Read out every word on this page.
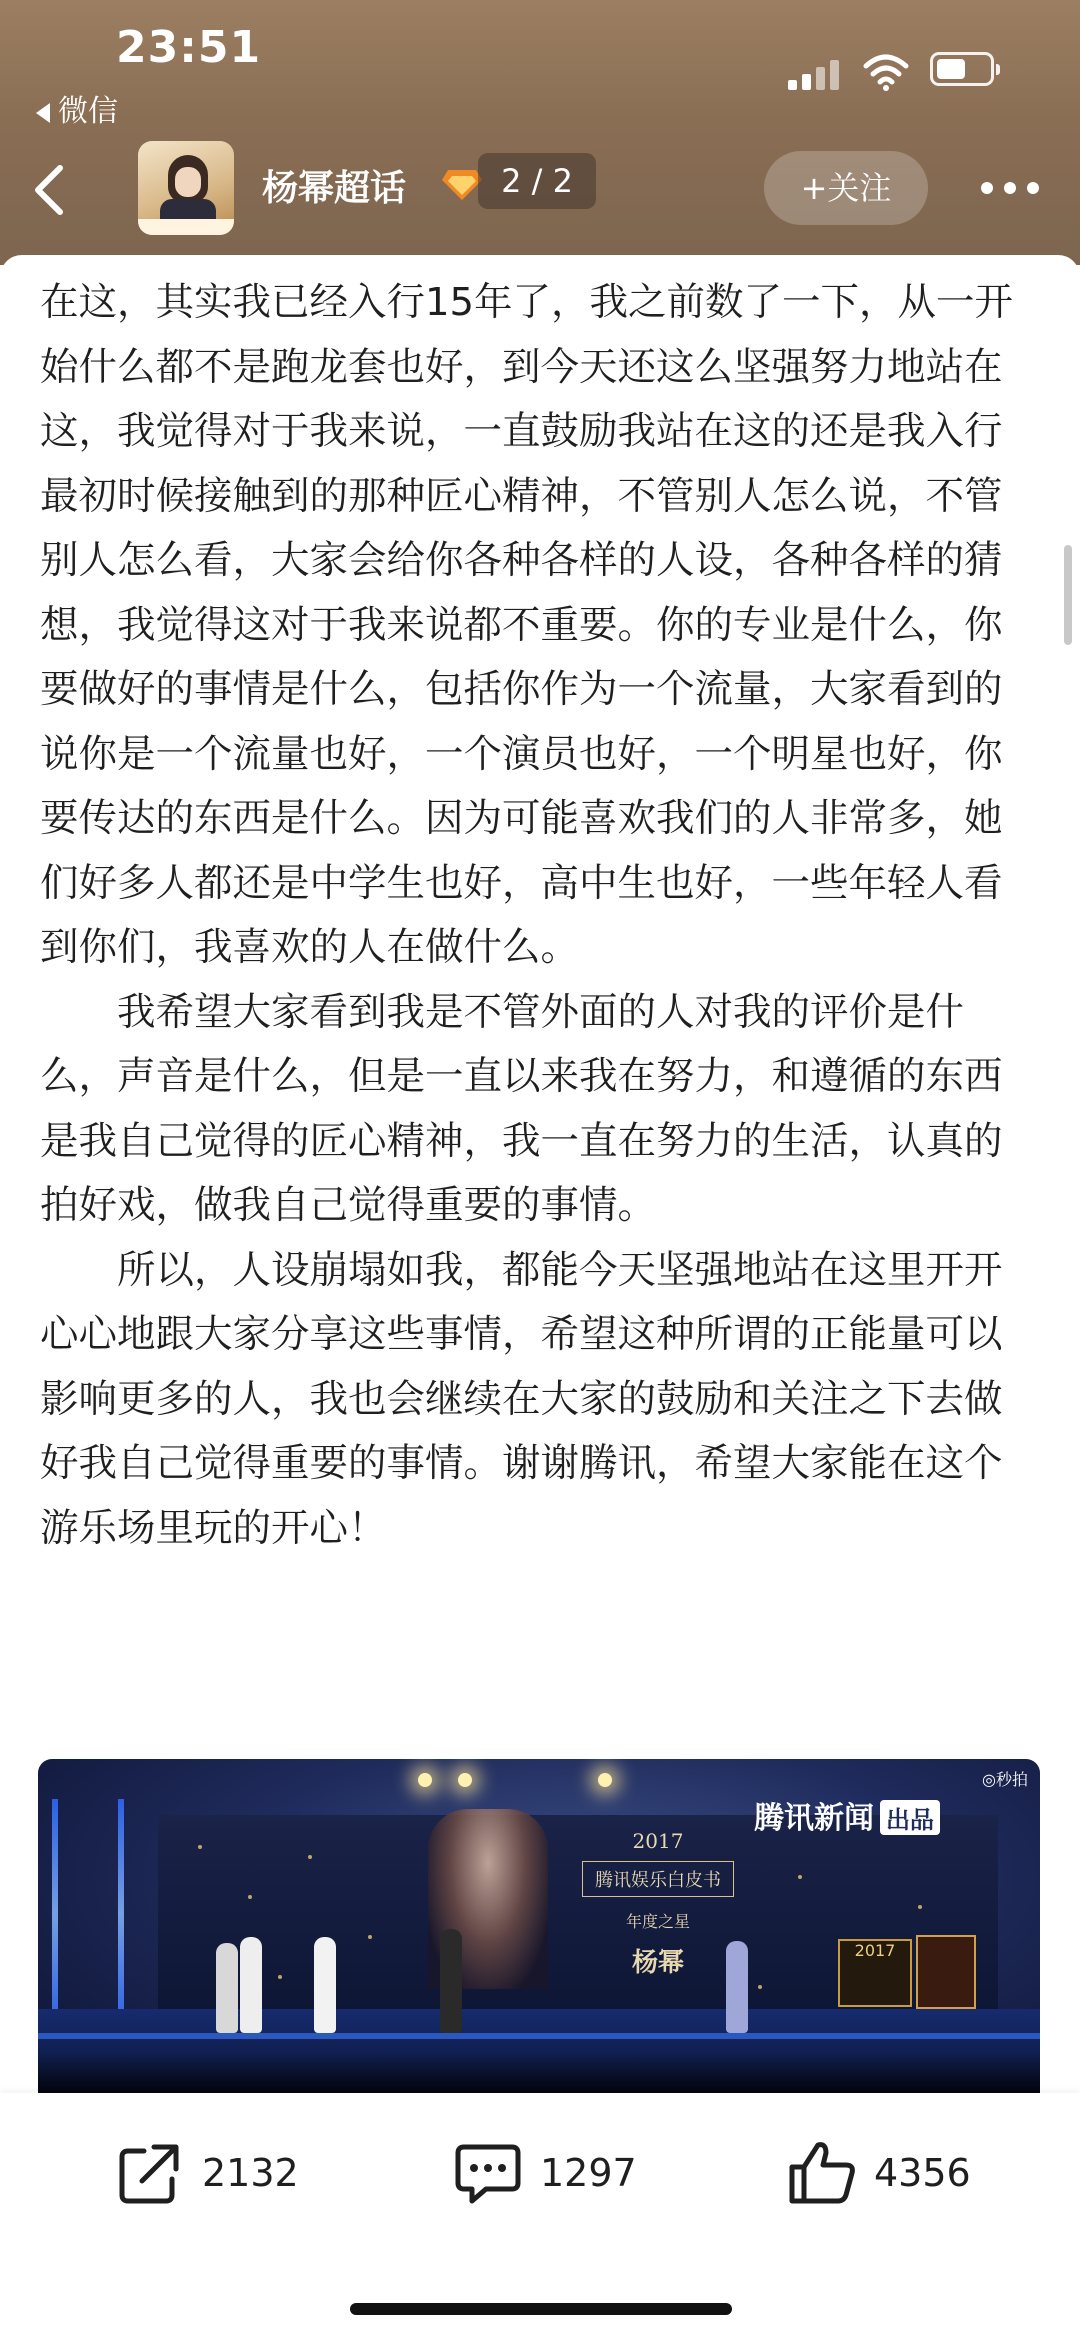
23:51
微信
杨幂超话	2 / 2	+关注

在这，其实我已经入行15年了，我之前数了一下，从一开始什么都不是跑龙套也好，到今天还这么坚强努力地站在这，我觉得对于我来说，一直鼓励我站在这的还是我入行最初时候接触到的那种匠心精神，不管别人怎么说，不管别人怎么看，大家会给你各种各样的人设，各种各样的猜想，我觉得这对于我来说都不重要。你的专业是什么，你要做好的事情是什么，包括你作为一个流量，大家看到的说你是一个流量也好，一个演员也好，一个明星也好，你要传达的东西是什么。因为可能喜欢我们的人非常多，她们好多人都还是中学生也好，高中生也好，一些年轻人看到你们，我喜欢的人在做什么。

我希望大家看到我是不管外面的人对我的评价是什么，声音是什么，但是一直以来我在努力，和遵循的东西是我自己觉得的匠心精神，我一直在努力的生活，认真的拍好戏，做我自己觉得重要的事情。

所以，人设崩塌如我，都能今天坚强地站在这里开开心心地跟大家分享这些事情，希望这种所谓的正能量可以影响更多的人，我也会继续在大家的鼓励和关注之下去做好我自己觉得重要的事情。谢谢腾讯，希望大家能在这个游乐场里玩的开心！

2017
腾讯娱乐白皮书
年度之星
杨幂
腾讯新闻 出品
◎秒拍
2017
2132	1297	4356
